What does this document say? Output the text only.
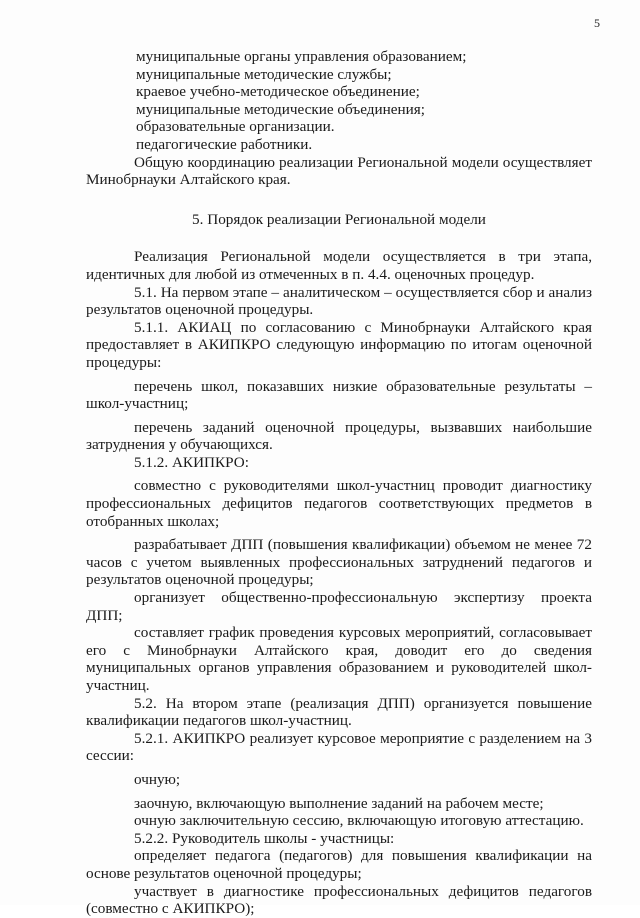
5

муниципальные органы управления образованием;

муниципальные методические службы;

краевое учебно-методическое объединение;

муниципальные методические объединения;

образовательные организации.

педагогические работники.

Общую координацию реализации Региональной модели осуществляет Минобрнауки Алтайского края.

5. Порядок реализации Региональной модели

Реализация Региональной модели осуществляется в три этапа, идентичных для любой из отмеченных в п. 4.4. оценочных процедур.

5.1. На первом этапе – аналитическом – осуществляется сбор и анализ результатов оценочной процедуры.

5.1.1. АКИАЦ по согласованию с Минобрнауки Алтайского края предоставляет в АКИПКРО следующую информацию по итогам оценочной процедуры:

перечень школ, показавших низкие образовательные результаты – школ-участниц;

перечень заданий оценочной процедуры, вызвавших наибольшие затруднения у обучающихся.

5.1.2. АКИПКРО:

совместно с руководителями школ-участниц проводит диагностику профессиональных дефицитов педагогов соответствующих предметов в отобранных школах;

разрабатывает ДПП (повышения квалификации) объемом не менее 72 часов с учетом выявленных профессиональных затруднений педагогов и результатов оценочной процедуры;

организует общественно-профессиональную экспертизу проекта ДПП;

составляет график проведения курсовых мероприятий, согласовывает его с Минобрнауки Алтайского края, доводит его до сведения муниципальных органов управления образованием и руководителей школ-участниц.

5.2. На втором этапе (реализация ДПП) организуется повышение квалификации педагогов школ-участниц.

5.2.1. АКИПКРО реализует курсовое мероприятие с разделением на 3 сессии:

очную;

заочную, включающую выполнение заданий на рабочем месте;

очную заключительную сессию, включающую итоговую аттестацию.

5.2.2. Руководитель школы - участницы:

определяет педагога (педагогов) для повышения квалификации на основе результатов оценочной процедуры;

участвует в диагностике профессиональных дефицитов педагогов (совместно с АКИПКРО);
